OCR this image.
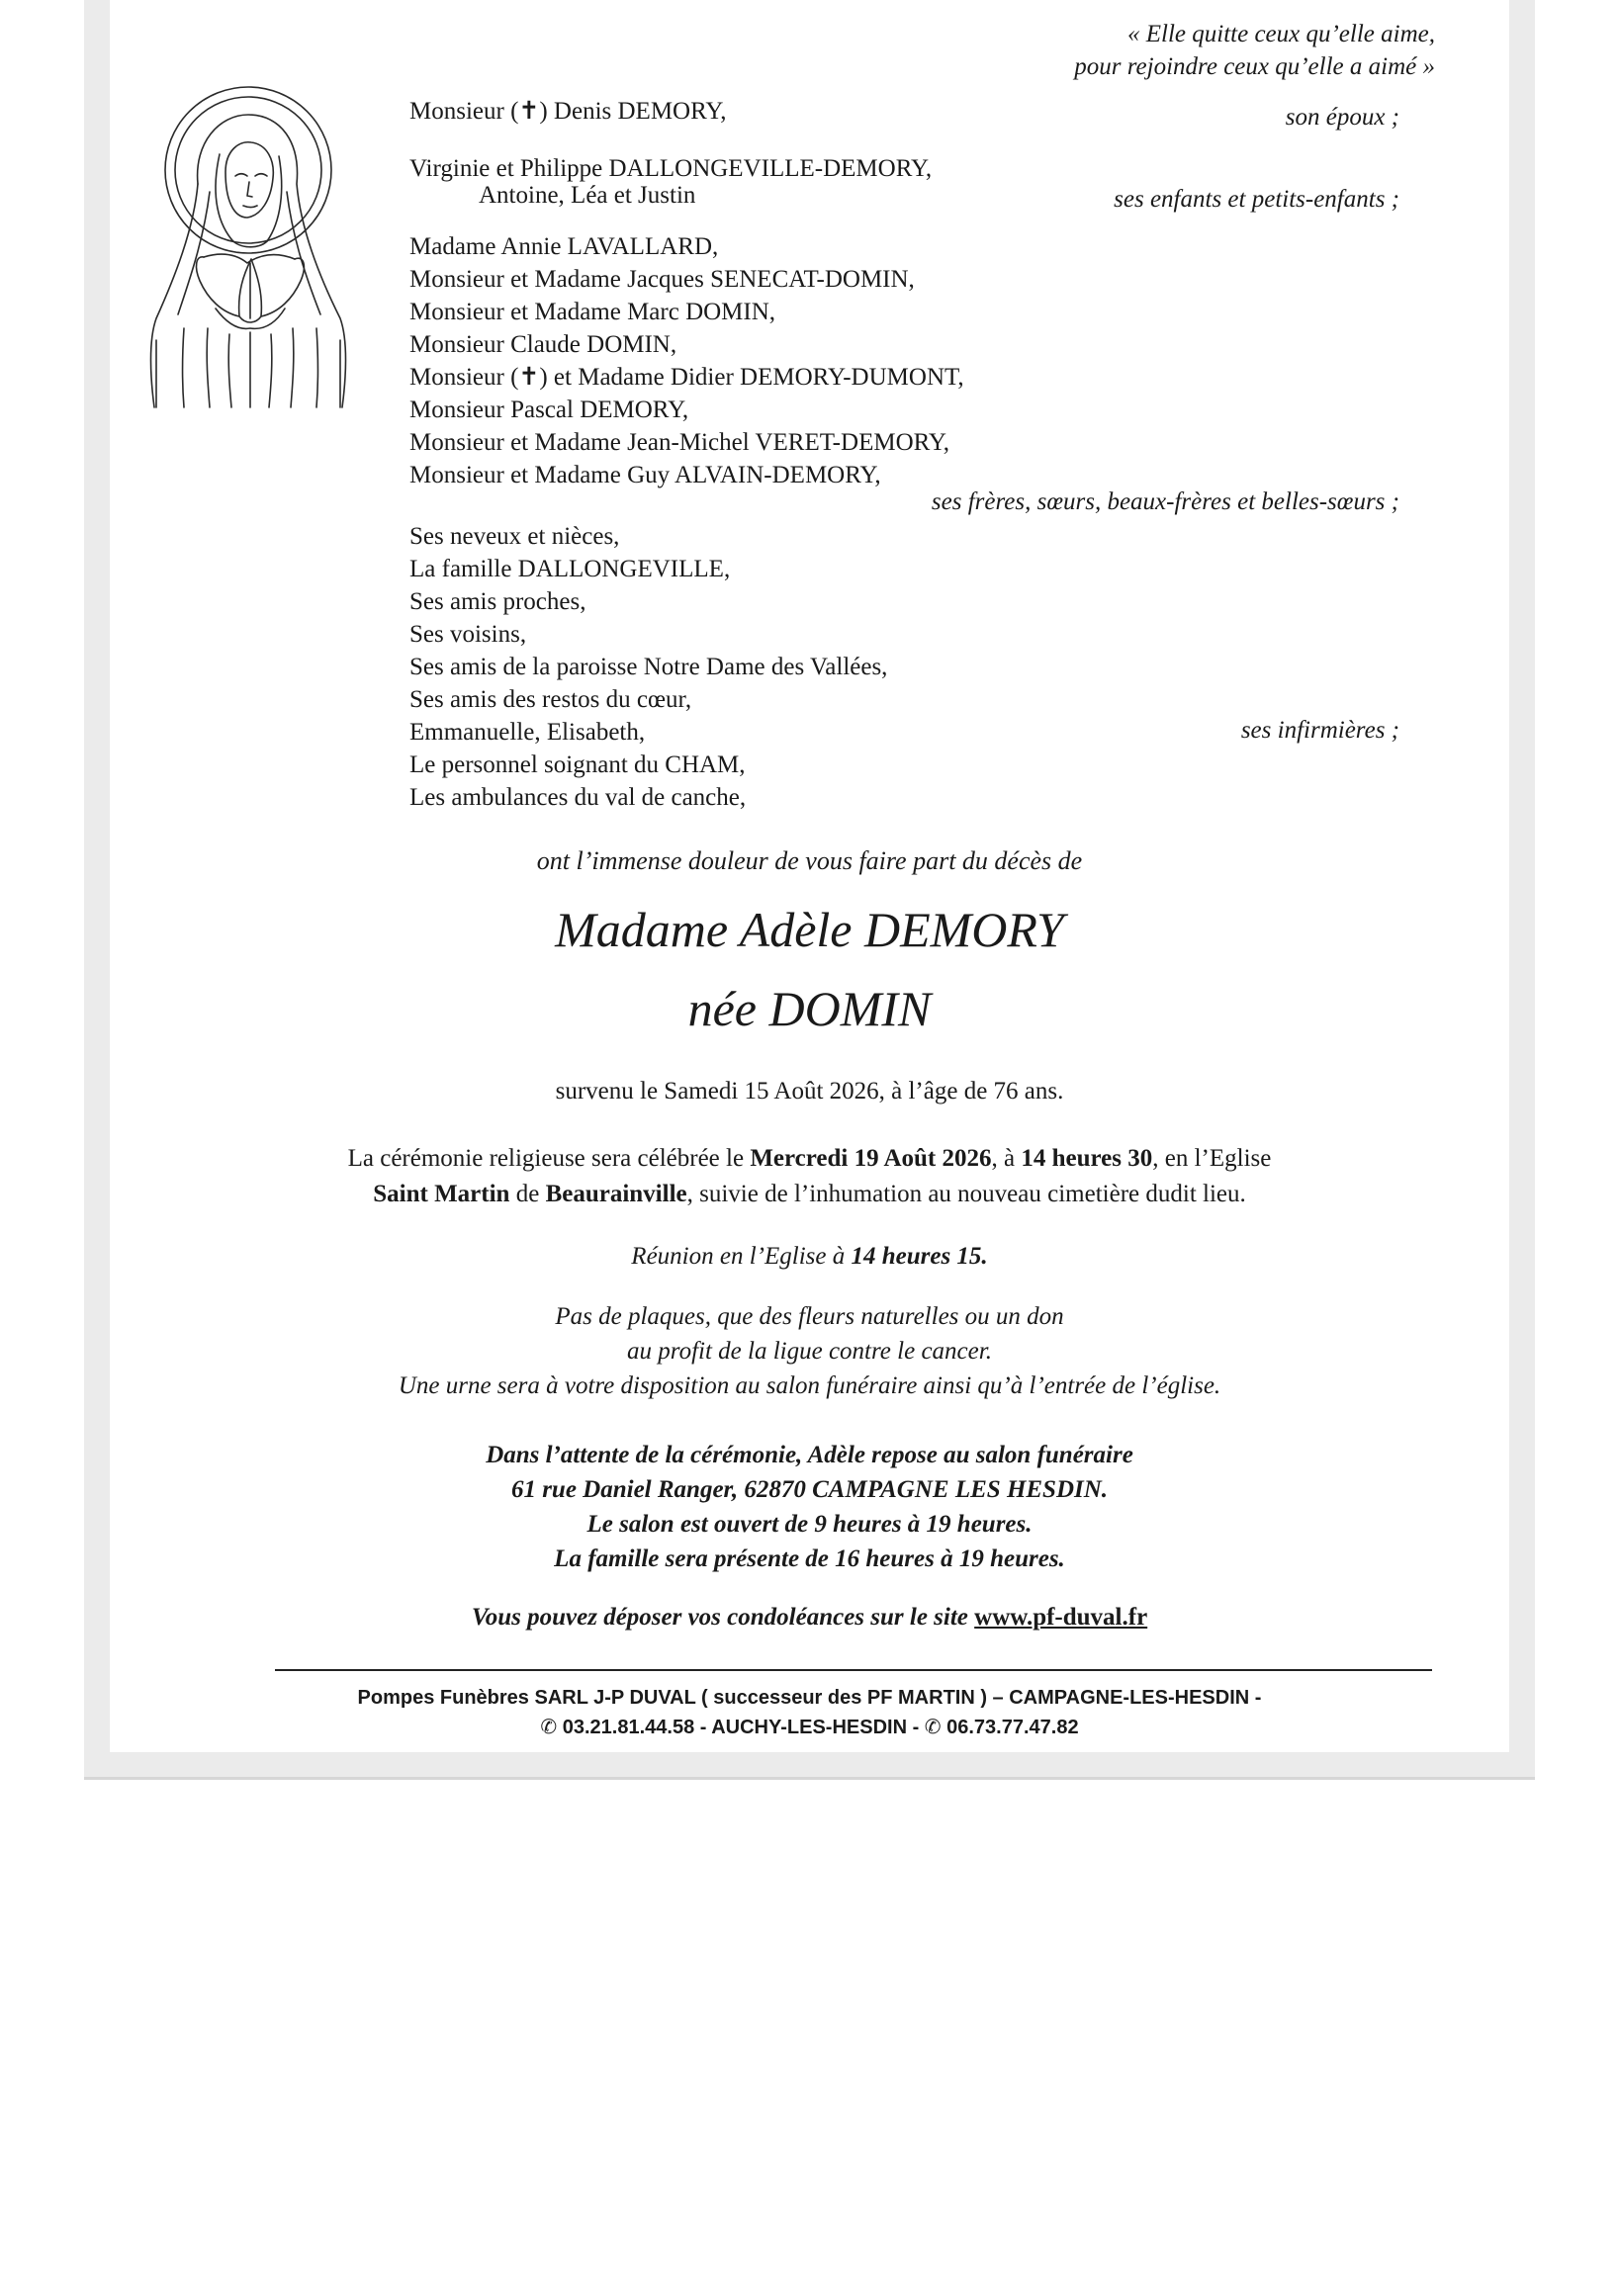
« Elle quitte ceux qu’elle aime,
pour rejoindre ceux qu’elle a aimé »
Monsieur (✝) Denis DEMORY,	son époux ;
Virginie et Philippe DALLONGEVILLE-DEMORY,
Antoine, Léa et Justin	ses enfants et petits-enfants ;
Madame Annie LAVALLARD,
Monsieur et Madame Jacques SENECAT-DOMIN,
Monsieur et Madame Marc DOMIN,
Monsieur Claude DOMIN,
Monsieur (✝) et Madame Didier DEMORY-DUMONT,
Monsieur Pascal DEMORY,
Monsieur et Madame Jean-Michel VERET-DEMORY,
Monsieur et Madame Guy ALVAIN-DEMORY,
ses frères, sœurs, beaux-frères et belles-sœurs ;
Ses neveux et nièces,
La famille DALLONGEVILLE,
Ses amis proches,
Ses voisins,
Ses amis de la paroisse Notre Dame des Vallées,
Ses amis des restos du cœur,
Emmanuelle, Elisabeth,
Le personnel soignant du CHAM,
Les ambulances du val de canche,
ses infirmières ;
ont l’immense douleur de vous faire part du décès de
Madame Adèle DEMORY
née DOMIN
survenu le Samedi 15 Août 2026, à l’âge de 76 ans.
La cérémonie religieuse sera célébrée le Mercredi 19 Août 2026, à 14 heures 30, en l’Eglise
Saint Martin de Beaurainville, suivie de l’inhumation au nouveau cimetière dudit lieu.
Réunion en l’Eglise à 14 heures 15.
Pas de plaques, que des fleurs naturelles ou un don
au profit de la ligue contre le cancer.
Une urne sera à votre disposition au salon funéraire ainsi qu’à l’entrée de l’église.
Dans l’attente de la cérémonie, Adèle repose au salon funéraire
61 rue Daniel Ranger, 62870 CAMPAGNE LES HESDIN.
Le salon est ouvert de 9 heures à 19 heures.
La famille sera présente de 16 heures à 19 heures.
Vous pouvez déposer vos condoléances sur le site www.pf-duval.fr
Pompes Funèbres SARL J-P DUVAL ( successeur des PF MARTIN ) – CAMPAGNE-LES-HESDIN -
✆ 03.21.81.44.58 - AUCHY-LES-HESDIN - ✆ 06.73.77.47.82
